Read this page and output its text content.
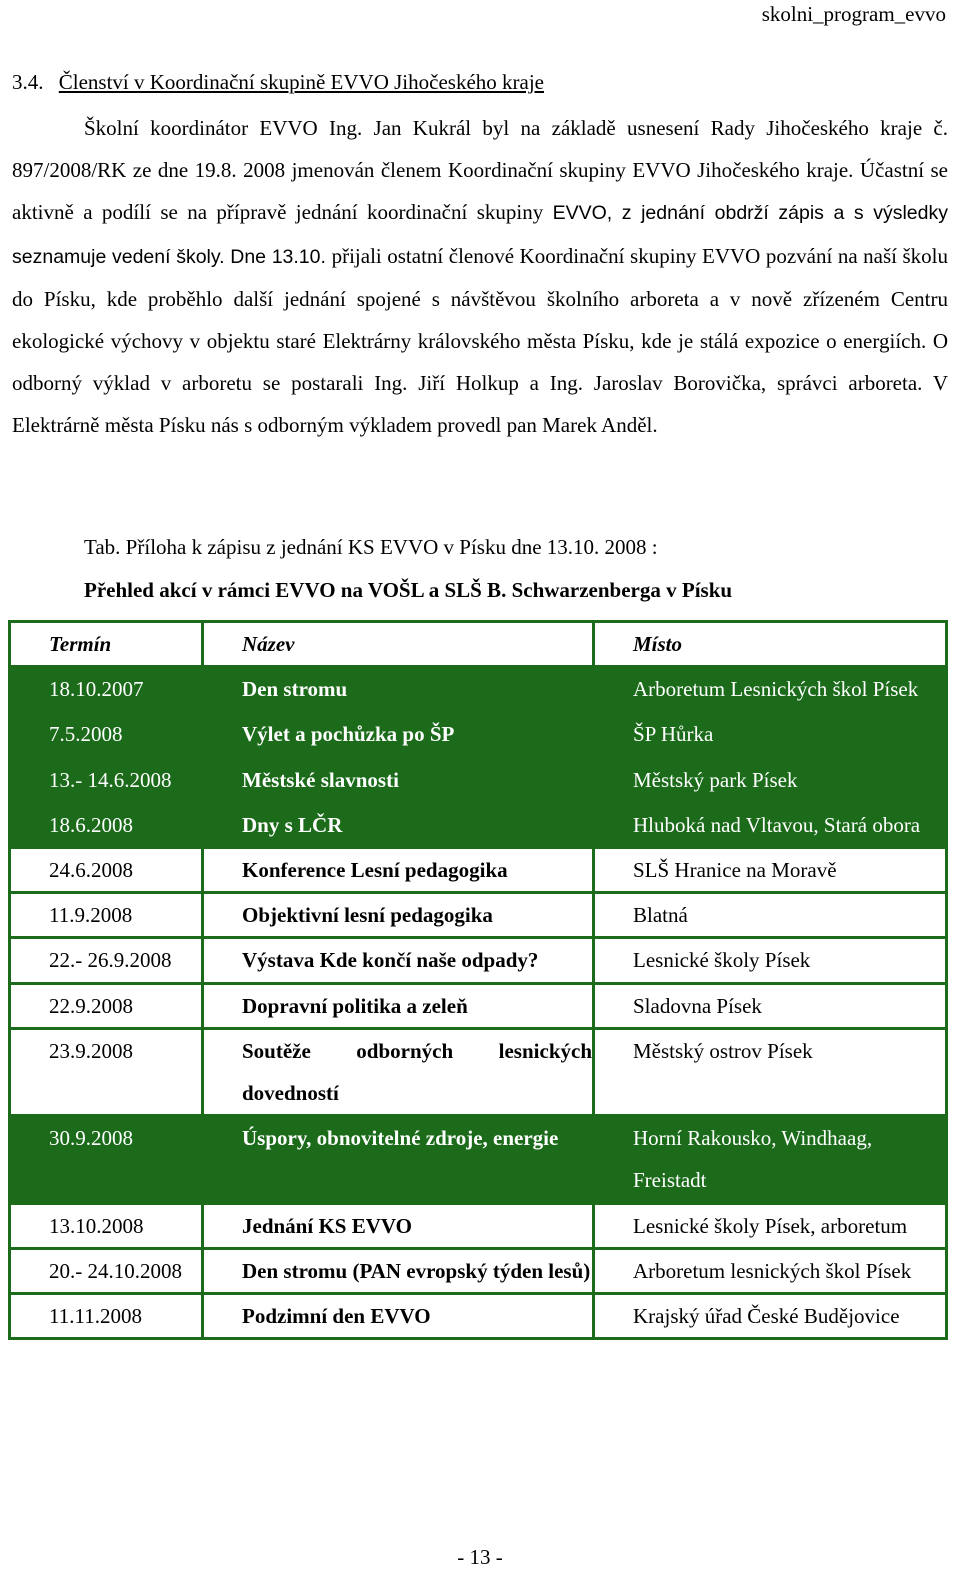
skolni_program_evvo
3.4. Členství v Koordinační skupině EVVO Jihočeského kraje

Školní koordinátor EVVO Ing. Jan Kukrál byl na základě usnesení Rady Jihočeského kraje č. 897/2008/RK ze dne 19.8. 2008 jmenován členem Koordinační skupiny EVVO Jihočeského kraje. Účastní se aktivně a podílí se na přípravě jednání koordinační skupiny EVVO, z jednání obdrží zápis a s výsledky seznamuje vedení školy. Dne 13.10. přijali ostatní členové Koordinační skupiny EVVO pozvání na naší školu do Písku, kde proběhlo další jednání spojené s návštěvou školního arboreta a v nově zřízeném Centru ekologické výchovy v objektu staré Elektrárny královského města Písku, kde je stálá expozice o energiích. O odborný výklad v arboretu se postarali Ing. Jiří Holkup a Ing. Jaroslav Borovička, správci arboreta. V Elektrárně města Písku nás s odborným výkladem provedl pan Marek Anděl.

Tab. Příloha k zápisu z jednání KS EVVO v Písku dne 13.10. 2008 :
Přehled akcí v rámci EVVO na VOŠL a SLŠ B. Schwarzenberga v Písku
Termín	Název	Místo
18.10.2007	Den stromu	Arboretum Lesnických škol Písek
7.5.2008	Výlet a pochůzka po ŠP	ŠP Hůrka
13.- 14.6.2008	Městské slavnosti	Městský park Písek
18.6.2008	Dny s LČR	Hluboká nad Vltavou, Stará obora
24.6.2008	Konference Lesní pedagogika	SLŠ Hranice na Moravě
11.9.2008	Objektivní lesní pedagogika	Blatná
22.- 26.9.2008	Výstava Kde končí naše odpady?	Lesnické školy Písek
22.9.2008	Dopravní politika a zeleň	Sladovna Písek
23.9.2008	Soutěže odborných lesnických dovedností	Městský ostrov Písek
30.9.2008	Úspory, obnovitelné zdroje, energie	Horní Rakousko, Windhaag, Freistadt
13.10.2008	Jednání KS EVVO	Lesnické školy Písek, arboretum
20.- 24.10.2008	Den stromu (PAN evropský týden lesů)	Arboretum lesnických škol Písek
11.11.2008	Podzimní den EVVO	Krajský úřad České Budějovice
- 13 -
